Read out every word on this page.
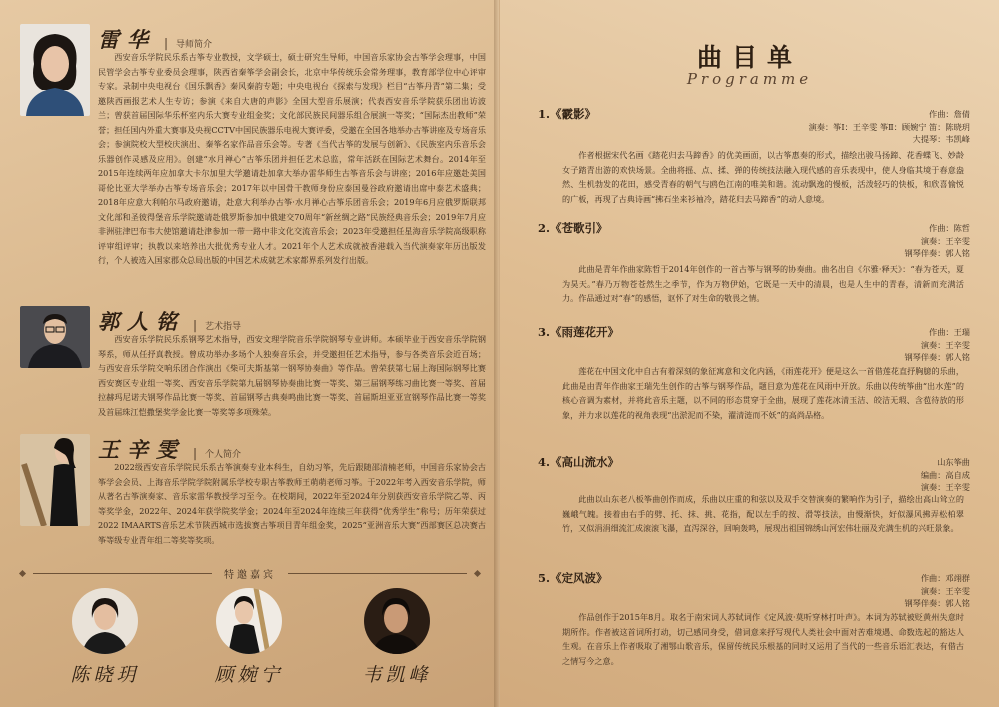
雷华 | 导师简介

西安音乐学院民乐系古筝专业教授，文学硕士，硕士研究生导师，中国音乐家协会古筝学会理事，中国民管学会古筝专业委员会理事，陕西省秦筝学会副会长，北京中华传统乐会常务理事，教育部学位中心评审专家。录制中央电视台《国乐飘香》秦风秦韵专题；中央电视台《探索与发现》栏目“古筝丹青”第二集；受邀陕西画报艺术人生专访；参演《来自大唐的声影》全国大型音乐展演；代表西安音乐学院获乐团出访波兰；曾获首届国际华乐杯室内乐大赛专业组金奖；文化部民族民间器乐组合展演一等奖；“国际杰出教师”荣誉；担任国内外重大赛事及央视CCTV中国民族器乐电视大赛评委，受邀在全国各地举办古筝讲座及专场音乐会；参演院校大型校庆演出、秦筝名家作品音乐会等。专著《当代古筝的发展与创新》、《民族室内乐音乐会乐器创作灵感及应用》。创建“水月禅心”古筝乐团并担任艺术总监，常年活跃在国际艺术舞台。2014年至2015年连续两年应加拿大卡尔加里大学邀请赴加拿大举办雷华师生古筝音乐会与讲座；2016年应邀赴美国哥伦比亚大学举办古筝专场音乐会；2017年以中国骨干教师身份应泰国曼谷政府邀请出席中泰艺术盛典；2018年应意大利帕尔马政府邀请，赴意大利举办古筝·水月禅心古筝乐团音乐会；2019年6月应俄罗斯联邦文化部和圣彼得堡音乐学院邀请赴俄罗斯参加中俄建交70周年“新丝绸之路”民族经典音乐会；2019年7月应非洲驻津巴布韦大使馆邀请赴津参加一带一路中非文化交流音乐会；2023年受邀担任星海音乐学院高级职称评审组评审；执教以来培养出大批优秀专业人才。2021年个人艺术成就被香港载入当代演奏家年历出版发行，个人被选入国家郡众总局出版的中国艺术成就艺术家都界系列发行出版。

郭人铭 | 艺术指导

西安音乐学院民乐系钢琴艺术指导，西安文理学院音乐学院钢琴专业讲师。本硕毕业于西安音乐学院钢琴系，师从任抒真教授。曾成功举办多场个人独奏音乐会，并受邀担任艺术指导，参与各类音乐会近百场；与西安音乐学院交响乐团合作演出《柴可夫斯基第一钢琴协奏曲》等作品。曾荣获第七届上海国际钢琴比赛西安赛区专业组一等奖、西安音乐学院第九届钢琴协奏曲比赛一等奖、第三届钢琴练习曲比赛一等奖、首届拉赫玛尼诺夫钢琴作品比赛一等奖、首届钢琴古典奏鸣曲比赛一等奖、首届斯坦亚亚宣钢琴作品比赛一等奖及首届珠江恺撒堡奖学金比赛一等奖等多项殊荣。

王辛雯 | 个人简介

2022级西安音乐学院民乐系古筝演奏专业本科生，自幼习筝，先后跟随邵清楠老师，中国音乐家协会古筝学会会员、上海音乐学院学院附属乐学校专职古筝教师王萌萌老师习筝。于2022年考入西安音乐学院，师从著名古筝演奏家、音乐家雷华教授学习至今。在校期间，2022年至2024年分别获西安音乐学院乙等、丙等奖学金，2022年、2024年获学院奖学金；2024年至2024年连续三年获得“优秀学生”称号；历年荣获过2022 IMAARTS音乐艺术节陕西城市选拔赛古筝项目青年组金奖，2025“亚洲音乐大赛”西部赛区总决赛古筝等级专业青年组二等奖等奖项。

特邀嘉宾
陈晓玥	顾婉宁	韦凯峰
曲目单
Programme
1.《霰影》	作曲：詹倩
演奏：筝Ⅰ：王辛雯 筝Ⅱ：顾婉宁 笛：陈晓玥
大提琴：韦凯峰

作者根据宋代名画《踏花归去马蹄香》的优美画面，以古筝惠奏的形式，描绘出骏马扬蹄、花香蝶飞、妙龄女子踏青出游的欢快场景。全曲将摇、点、揉、弹的传统技法融入现代感的音乐表现中，使人身临其境于春意盎然、生机勃发的花田，感受青春的朝气与鸥色江南的唯美和谐。流动飘逸的慢板，活泼轻巧的快板，和欣喜愉悦的广板，再现了古典诗画“拂石坐来衫袖冷，踏花归去马蹄香”的动人意境。

2.《苍歌引》	作曲：陈哲
演奏：王辛雯
钢琴伴奏：郭人铭

此曲是青年作曲家陈哲于2014年创作的一首古筝与钢琴的协奏曲。曲名出自《尔雅·释天》：“春为苍天，夏为昊天。”春乃万物苍苍然生之季节，作为万物伊始，它既是一天中的清晨，也是人生中的青春，清新而充满活力。作品通过对“春”的感悟，讴怀了对生命的敬畏之情。

3.《雨莲花开》	作曲：王瑞
演奏：王辛雯
钢琴伴奏：郭人铭

莲花在中国文化中自古有着深刻的象征寓意和文化内涵，《雨莲花开》便是这么一首借莲花直抒胸臆的乐曲，此曲是由青年作曲家王瑞先生创作的古筝与钢琴作品，题目意为莲花在风雨中开放。乐曲以传统筝曲“出水莲”的核心音调为素材，并将此音乐主题，以不同的形态贯穿于全曲，展现了莲花冰清玉洁、皎洁无瑕、含苞待放的形象，并力求以莲花的视角表现“出淤泥而不染，濯清涟而不妖”的高尚品格。

4.《高山流水》	山东筝曲
编曲：高自成
演奏：王辛雯

此曲以山东老八板筝曲创作而成，乐曲以庄重的和弦以及双手交替演奏的繁响作为引子，描绘出高山耸立的巍峨气魄。接着由右手的劈、托、抹、挑、花指，配以左手的按、滑等技法，由慢渐快，好似瀑风拂弄松柏翠竹，又似涓涓细流汇成滚滚飞瀑，直泻深谷，回响轰鸣，展现出祖国锦绣山河宏伟壮丽及充满生机的兴旺景象。

5.《定风波》	作曲：邓翊群
演奏：王辛雯
钢琴伴奏：郭人铭

作品创作于2015年8月。取名于南宋词人苏轼词作《定风波·莫听穿林打叶声》。本词为苏轼被贬黄州失意时期所作。作者被这首词所打动，切己感同身受，借词意来抒写现代人类社会中面对苦难境遇、命数选起的豁达人生观。在音乐上作者吸取了湘鄂山歌音乐，保留传统民乐根基的同时又运用了当代的一些音乐语汇表达，有借古之情写今之意。
